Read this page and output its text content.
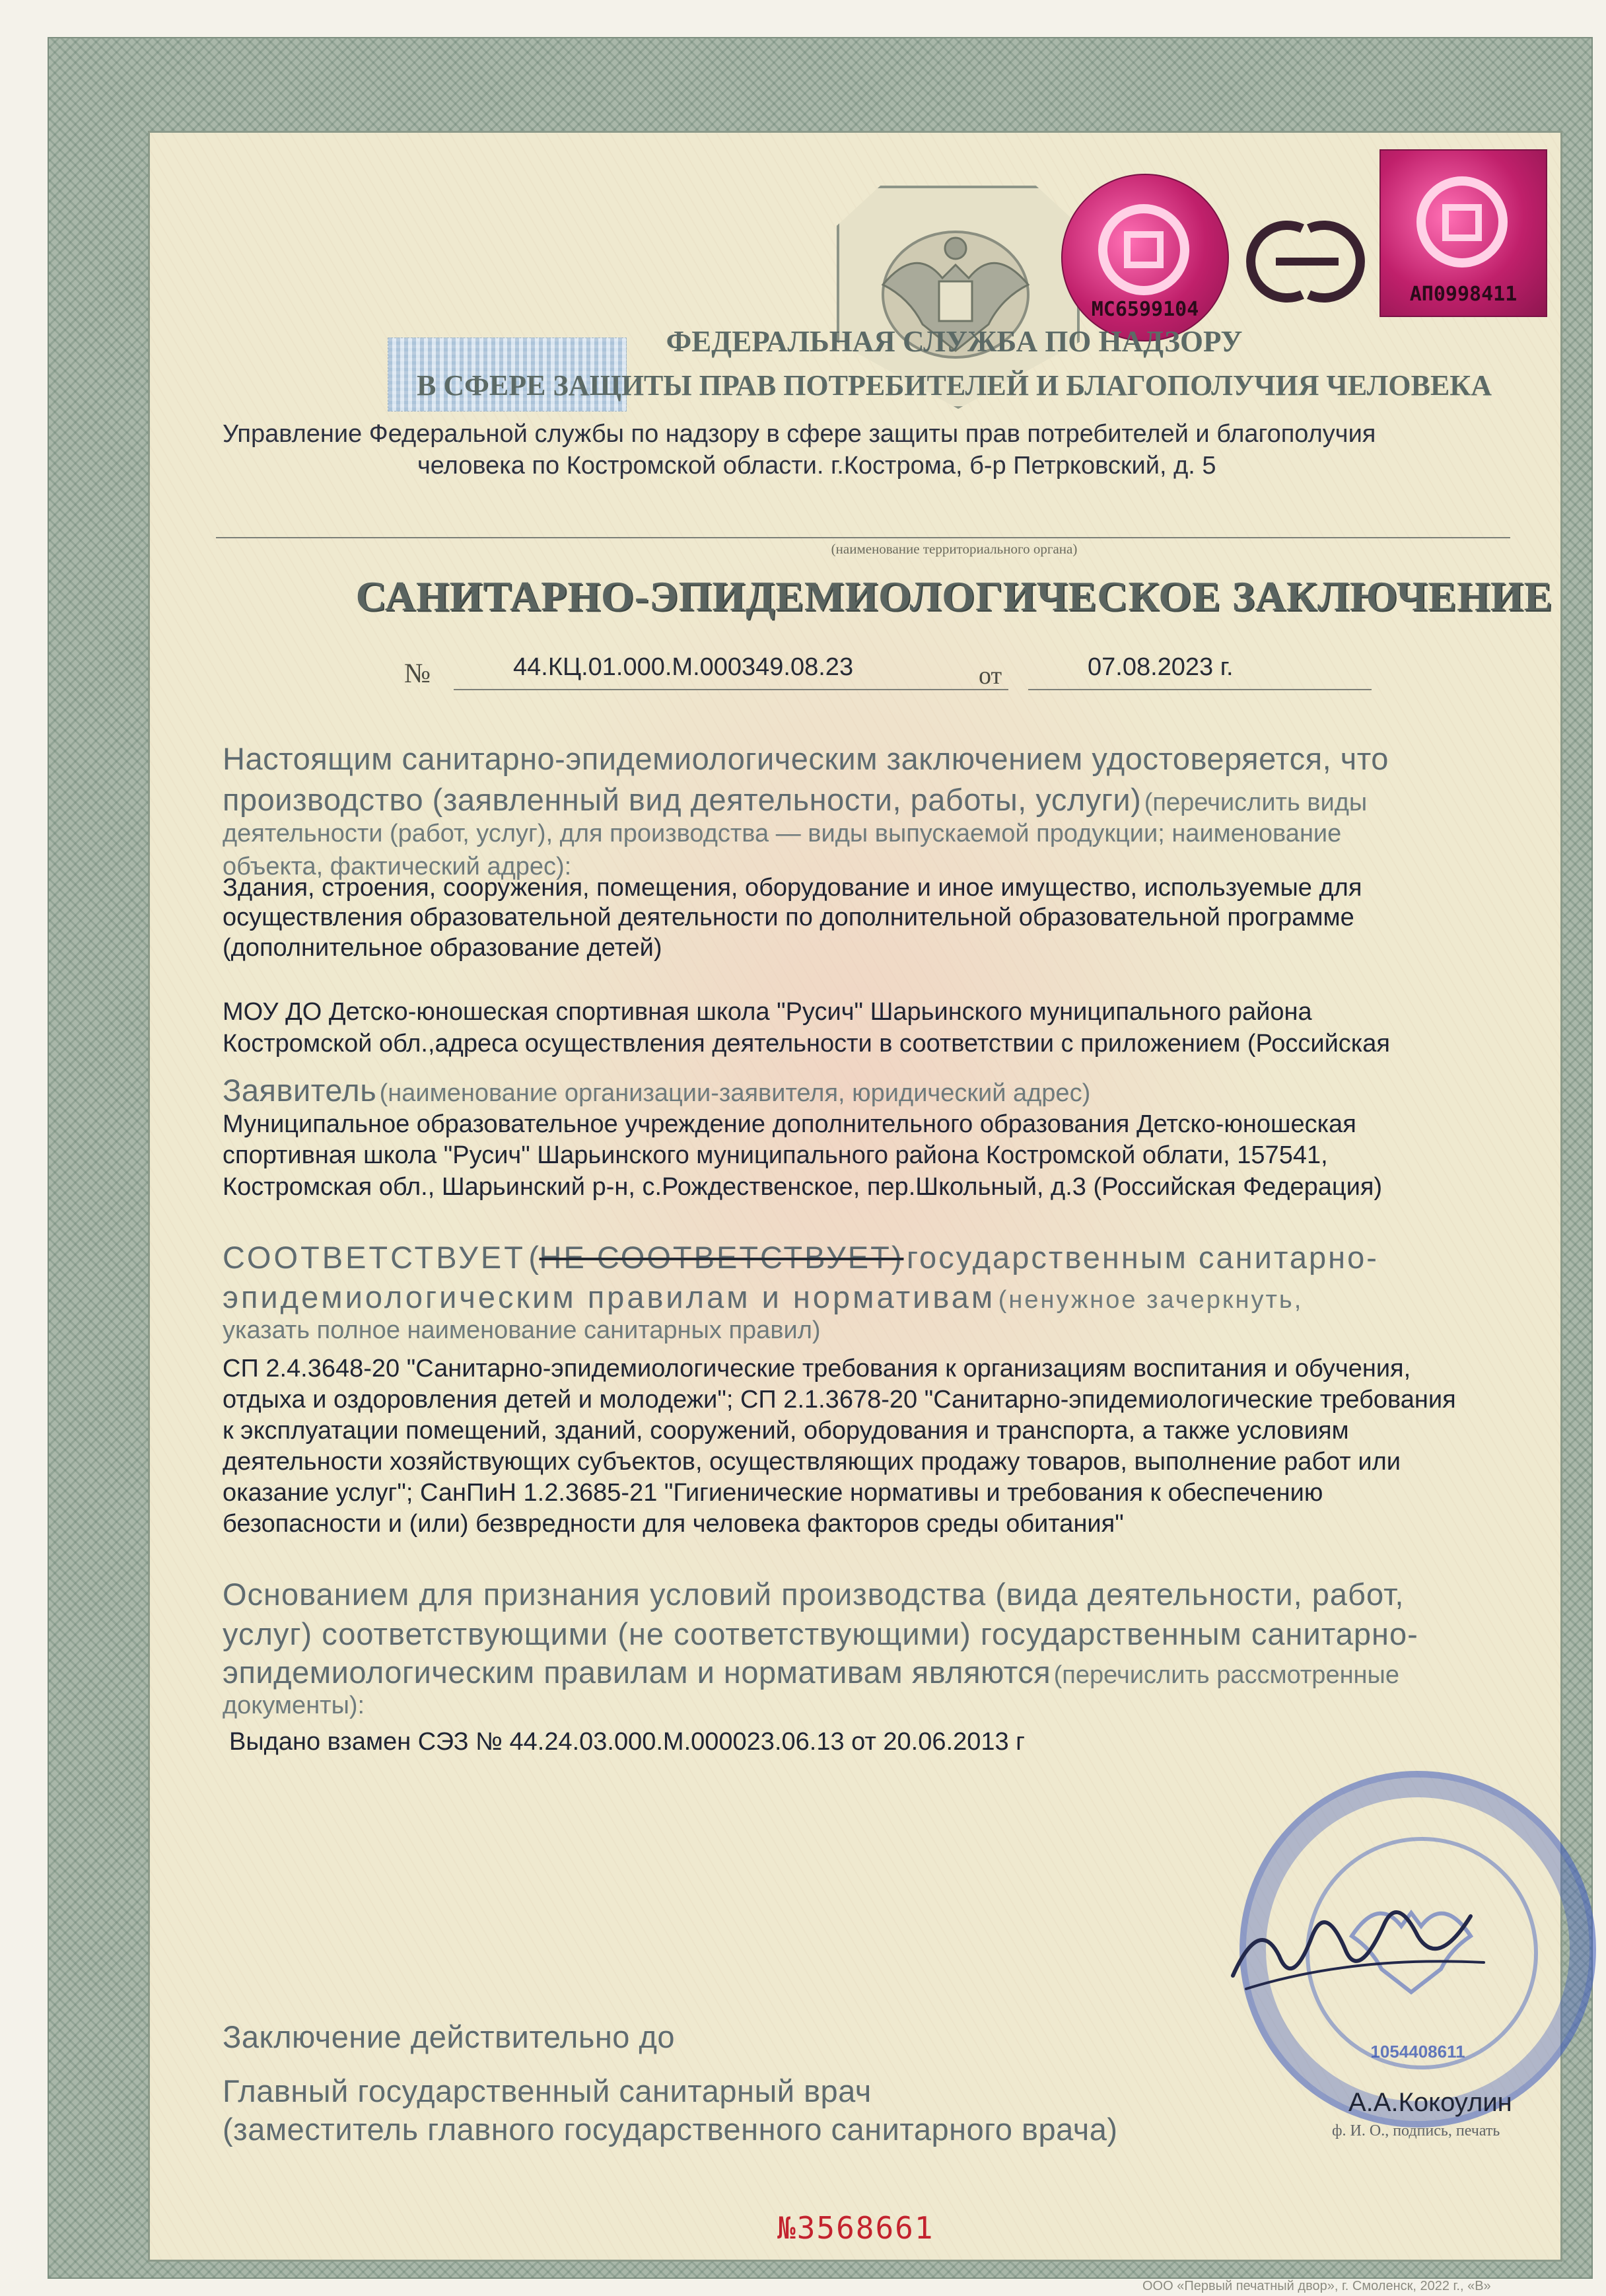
МС6599104
АП0998411
ФЕДЕРАЛЬНАЯ СЛУЖБА ПО НАДЗОРУ
В СФЕРЕ ЗАЩИТЫ ПРАВ ПОТРЕБИТЕЛЕЙ И БЛАГОПОЛУЧИЯ ЧЕЛОВЕКА
Управление Федеральной службы по надзору в сфере защиты прав потребителей и благополучия
человека по Костромской области. г.Кострома, б-р Петрковский, д. 5
(наименование территориального органа)
САНИТАРНО-ЭПИДЕМИОЛОГИЧЕСКОЕ ЗАКЛЮЧЕНИЕ
№	44.КЦ.01.000.М.000349.08.23	от	07.08.2023 г.
Настоящим санитарно-эпидемиологическим заключением удостоверяется, что
производство (заявленный вид деятельности, работы, услуги) (перечислить виды
деятельности (работ, услуг), для производства — виды выпускаемой продукции; наименование
объекта, фактический адрес):
Здания, строения, сооружения, помещения, оборудование и иное имущество, используемые для
осуществления образовательной деятельности по дополнительной образовательной программе
(дополнительное образование детей)
МОУ ДО Детско-юношеская спортивная школа "Русич" Шарьинского муниципального района
Костромской обл.,адреса осуществления деятельности в соответствии с приложением (Российская
Заявитель (наименование организации-заявителя, юридический адрес)
Муниципальное образовательное учреждение дополнительного образования Детско-юношеская
спортивная школа "Русич" Шарьинского муниципального района Костромской облати, 157541,
Костромская обл., Шарьинский р-н, с.Рождественское, пер.Школьный, д.3 (Российская Федерация)
СООТВЕТСТВУЕТ (НЕ СООТВЕТСТВУЕТ) государственным санитарно-
эпидемиологическим правилам и нормативам (ненужное зачеркнуть,
указать полное наименование санитарных правил)
СП 2.4.3648-20 "Санитарно-эпидемиологические требования к организациям воспитания и обучения,
отдыха и оздоровления детей и молодежи"; СП 2.1.3678-20 "Санитарно-эпидемиологические требования
к эксплуатации помещений, зданий, сооружений, оборудования и транспорта, а также условиям
деятельности хозяйствующих субъектов, осуществляющих продажу товаров, выполнение работ или
оказание услуг"; СанПиН 1.2.3685-21 "Гигиенические нормативы и требования к обеспечению
безопасности и (или) безвредности для человека факторов среды обитания"
Основанием для признания условий производства (вида деятельности, работ,
услуг) соответствующими (не соответствующими) государственным санитарно-
эпидемиологическим правилам и нормативам являются (перечислить рассмотренные
документы):
Выдано взамен СЭЗ № 44.24.03.000.М.000023.06.13 от 20.06.2013 г
Заключение действительно до
Главный государственный санитарный врач
(заместитель главного государственного санитарного врача)
1054408611
А.А.Кокоулин
ф. И. О., подпись, печать
№3568661
ООО «Первый печатный двор», г. Смоленск, 2022 г., «В»
